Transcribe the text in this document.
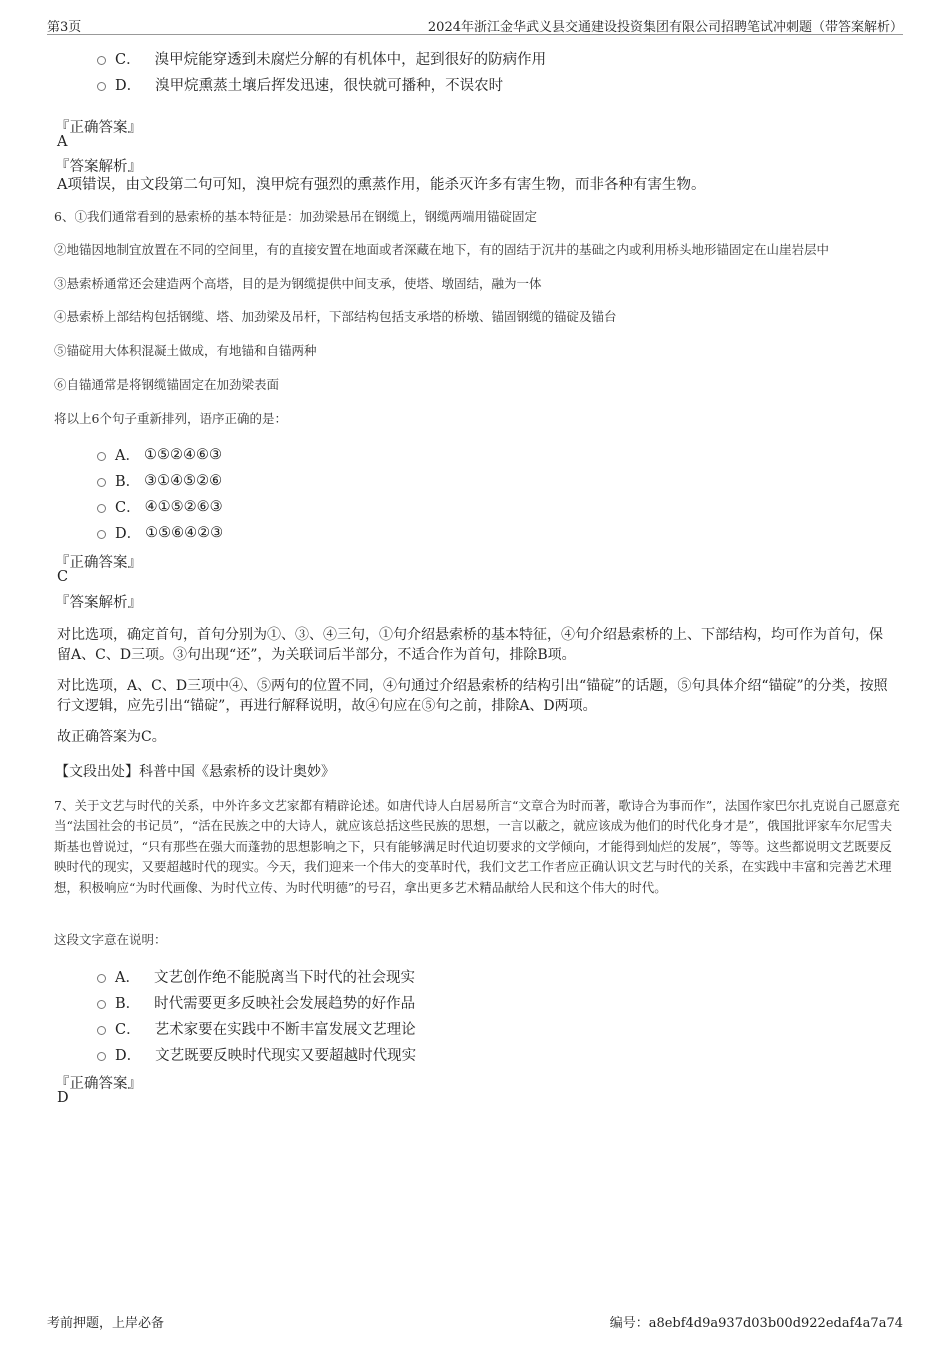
第3页	2024年浙江金华武义县交通建设投资集团有限公司招聘笔试冲刺题（带答案解析）
C． 溴甲烷能穿透到未腐烂分解的有机体中，起到很好的防病作用
D． 溴甲烷熏蒸土壤后挥发迅速，很快就可播种，不误农时
『正确答案』
A
『答案解析』
A项错误，由文段第二句可知，溴甲烷有强烈的熏蒸作用，能杀灭许多有害生物，而非各种有害生物。
6、①我们通常看到的悬索桥的基本特征是：加劲梁悬吊在钢缆上，钢缆两端用锚碇固定
②地锚因地制宜放置在不同的空间里，有的直接安置在地面或者深藏在地下，有的固结于沉井的基础之内或利用桥头地形锚固定在山崖岩层中
③悬索桥通常还会建造两个高塔，目的是为钢缆提供中间支承，使塔、墩固结，融为一体
④悬索桥上部结构包括钢缆、塔、加劲梁及吊杆，下部结构包括支承塔的桥墩、锚固钢缆的锚碇及锚台
⑤锚碇用大体积混凝土做成，有地锚和自锚两种
⑥自锚通常是将钢缆锚固定在加劲梁表面
将以上6个句子重新排列，语序正确的是：
A． ①⑤②④⑥③
B． ③①④⑤②⑥
C． ④①⑤②⑥③
D． ①⑤⑥④②③
『正确答案』
C
『答案解析』
对比选项，确定首句，首句分别为①、③、④三句，①句介绍悬索桥的基本特征，④句介绍悬索桥的上、下部结构，均可作为首句，保留A、C、D三项。③句出现“还”，为关联词后半部分，不适合作为首句，排除B项。
对比选项，A、C、D三项中④、⑤两句的位置不同，④句通过介绍悬索桥的结构引出“锚碇”的话题，⑤句具体介绍“锚碇”的分类，按照行文逻辑，应先引出“锚碇”，再进行解释说明，故④句应在⑤句之前，排除A、D两项。
故正确答案为C。
【文段出处】科普中国《悬索桥的设计奥妙》
7、关于文艺与时代的关系，中外许多文艺家都有精辟论述。如唐代诗人白居易所言“文章合为时而著，歌诗合为事而作”，法国作家巴尔扎克说自己愿意充当“法国社会的书记员”，“活在民族之中的大诗人，就应该总括这些民族的思想，一言以蔽之，就应该成为他们的时代化身才是”，俄国批评家车尔尼雪夫斯基也曾说过，“只有那些在强大而蓬勃的思想影响之下，只有能够满足时代迫切要求的文学倾向，才能得到灿烂的发展”，等等。这些都说明文艺既要反映时代的现实，又要超越时代的现实。今天，我们迎来一个伟大的变革时代，我们文艺工作者应正确认识文艺与时代的关系，在实践中丰富和完善艺术理想，积极响应“为时代画像、为时代立传、为时代明德”的号召，拿出更多艺术精品献给人民和这个伟大的时代。
这段文字意在说明：
A． 文艺创作绝不能脱离当下时代的社会现实
B． 时代需要更多反映社会发展趋势的好作品
C． 艺术家要在实践中不断丰富发展文艺理论
D． 文艺既要反映时代现实又要超越时代现实
『正确答案』
D
考前押题，上岸必备	编号：a8ebf4d9a937d03b00d922edaf4a7a74
